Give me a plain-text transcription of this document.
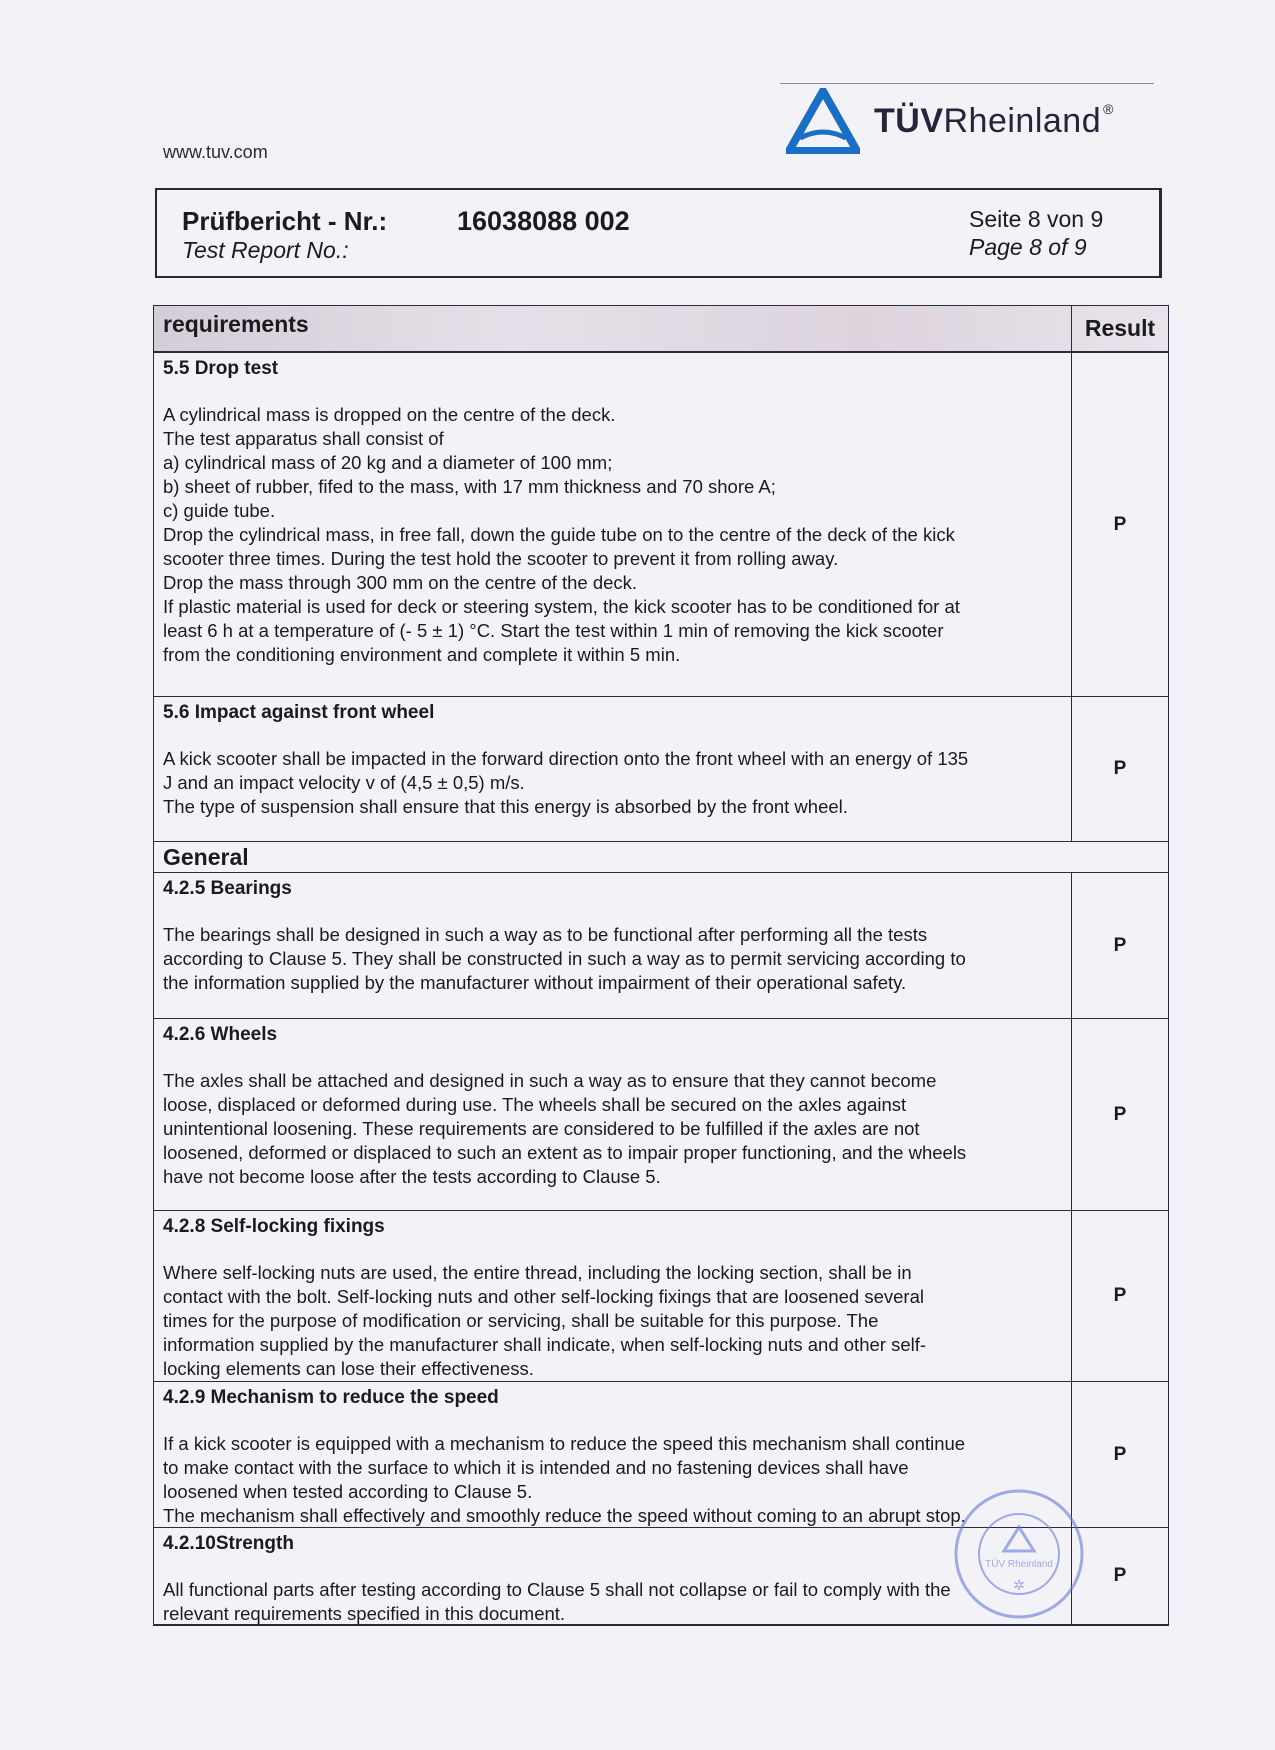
TÜVRheinland ®
www.tuv.com
Prüfbericht - Nr.:
Test Report No.:
16038088 002	Seite 8 von 9
Page 8 of 9
requirements	Result
5.5 Drop test
A cylindrical mass is dropped on the centre of the deck.
The test apparatus shall consist of
a) cylindrical mass of 20 kg and a diameter of 100 mm;
b) sheet of rubber, fifed to the mass, with 17 mm thickness and 70 shore A;
c) guide tube.
Drop the cylindrical mass, in free fall, down the guide tube on to the centre of the deck of the kick
scooter three times. During the test hold the scooter to prevent it from rolling away.
Drop the mass through 300 mm on the centre of the deck.
If plastic material is used for deck or steering system, the kick scooter has to be conditioned for at
least 6 h at a temperature of (- 5 ± 1) °C. Start the test within 1 min of removing the kick scooter
from the conditioning environment and complete it within 5 min.
P
5.6 Impact against front wheel
A kick scooter shall be impacted in the forward direction onto the front wheel with an energy of 135
J and an impact velocity v of (4,5 ± 0,5) m/s.
The type of suspension shall ensure that this energy is absorbed by the front wheel.
P
General
4.2.5 Bearings
The bearings shall be designed in such a way as to be functional after performing all the tests
according to Clause 5. They shall be constructed in such a way as to permit servicing according to
the information supplied by the manufacturer without impairment of their operational safety.
P
4.2.6 Wheels
The axles shall be attached and designed in such a way as to ensure that they cannot become
loose, displaced or deformed during use. The wheels shall be secured on the axles against
unintentional loosening. These requirements are considered to be fulfilled if the axles are not
loosened, deformed or displaced to such an extent as to impair proper functioning, and the wheels
have not become loose after the tests according to Clause 5.
P
4.2.8 Self-locking fixings
Where self-locking nuts are used, the entire thread, including the locking section, shall be in
contact with the bolt. Self-locking nuts and other self-locking fixings that are loosened several
times for the purpose of modification or servicing, shall be suitable for this purpose. The
information supplied by the manufacturer shall indicate, when self-locking nuts and other self-
locking elements can lose their effectiveness.
P
4.2.9 Mechanism to reduce the speed
If a kick scooter is equipped with a mechanism to reduce the speed this mechanism shall continue
to make contact with the surface to which it is intended and no fastening devices shall have
loosened when tested according to Clause 5.
The mechanism shall effectively and smoothly reduce the speed without coming to an abrupt stop.
P
4.2.10Strength
All functional parts after testing according to Clause 5 shall not collapse or fail to comply with the
relevant requirements specified in this document.
P
TÜV Rheinland
✲
